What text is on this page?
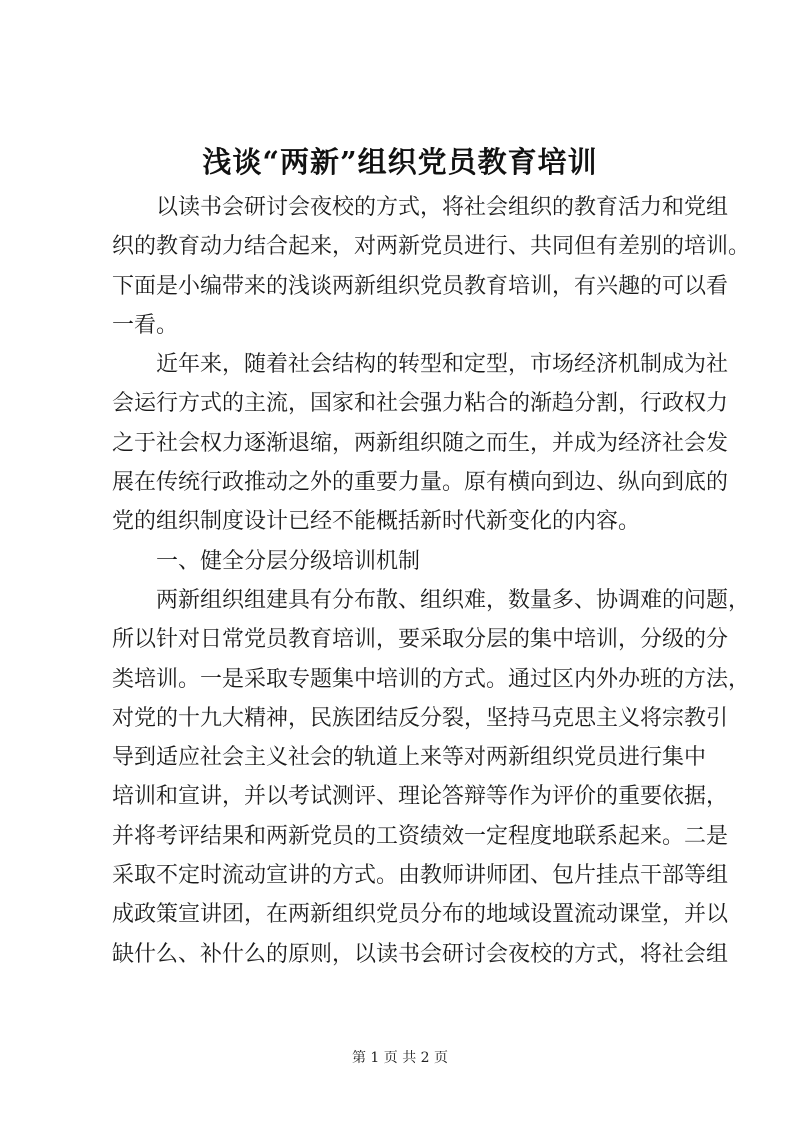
浅谈“两新”组织党员教育培训
以读书会研讨会夜校的方式，将社会组织的教育活力和党组
织的教育动力结合起来，对两新党员进行、共同但有差别的培训。
下面是小编带来的浅谈两新组织党员教育培训，有兴趣的可以看
一看。
近年来，随着社会结构的转型和定型，市场经济机制成为社
会运行方式的主流，国家和社会强力粘合的渐趋分割，行政权力
之于社会权力逐渐退缩，两新组织随之而生，并成为经济社会发
展在传统行政推动之外的重要力量。原有横向到边、纵向到底的
党的组织制度设计已经不能概括新时代新变化的内容。
一、健全分层分级培训机制
两新组织组建具有分布散、组织难，数量多、协调难的问题，
所以针对日常党员教育培训，要采取分层的集中培训，分级的分
类培训。一是采取专题集中培训的方式。通过区内外办班的方法，
对党的十九大精神，民族团结反分裂，坚持马克思主义将宗教引
导到适应社会主义社会的轨道上来等对两新组织党员进行集中
培训和宣讲，并以考试测评、理论答辩等作为评价的重要依据，
并将考评结果和两新党员的工资绩效一定程度地联系起来。二是
采取不定时流动宣讲的方式。由教师讲师团、包片挂点干部等组
成政策宣讲团，在两新组织党员分布的地域设置流动课堂，并以
缺什么、补什么的原则，以读书会研讨会夜校的方式，将社会组
第 1 页 共 2 页
